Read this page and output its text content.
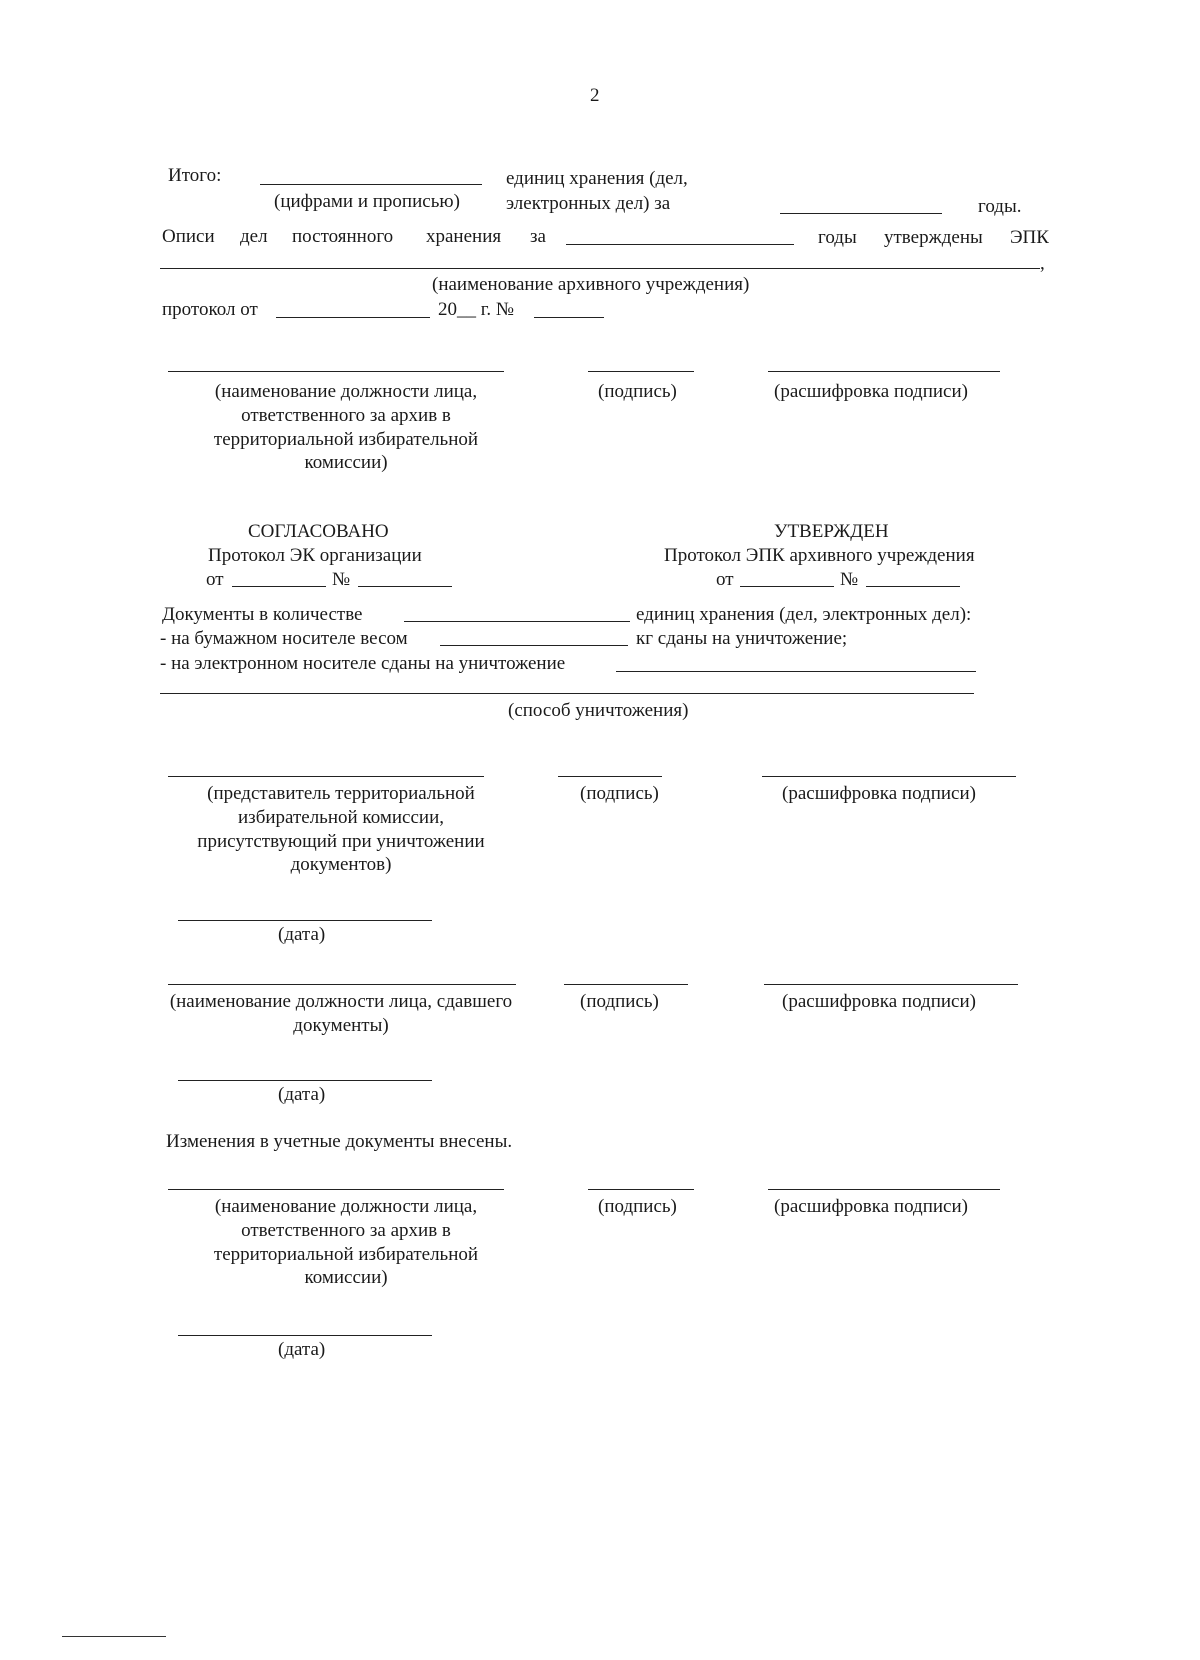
2
Итого:
(цифрами и прописью)
единиц хранения (дел,
электронных дел) за	годы.
Описи дел постоянного хранения за	годы утверждены ЭПК
,
(наименование архивного учреждения)
протокол от	20__ г. №
(наименование должности лица, ответственного за архив в территориальной избирательной комиссии)
(подпись)	(расшифровка подписи)
СОГЛАСОВАНО
Протокол ЭК организации
от	№
УТВЕРЖДЕН
Протокол ЭПК архивного учреждения
от	№
Документы в количестве	единиц хранения (дел, электронных дел):
- на бумажном носителе весом	кг сданы на уничтожение;
- на электронном носителе сданы на уничтожение
(способ уничтожения)
(представитель территориальной избирательной комиссии, присутствующий при уничтожении документов)
(подпись)	(расшифровка подписи)
(дата)
(наименование должности лица, сдавшего документы)
(подпись)	(расшифровка подписи)
(дата)
Изменения в учетные документы внесены.
(наименование должности лица, ответственного за архив в территориальной избирательной комиссии)
(подпись)	(расшифровка подписи)
(дата)
